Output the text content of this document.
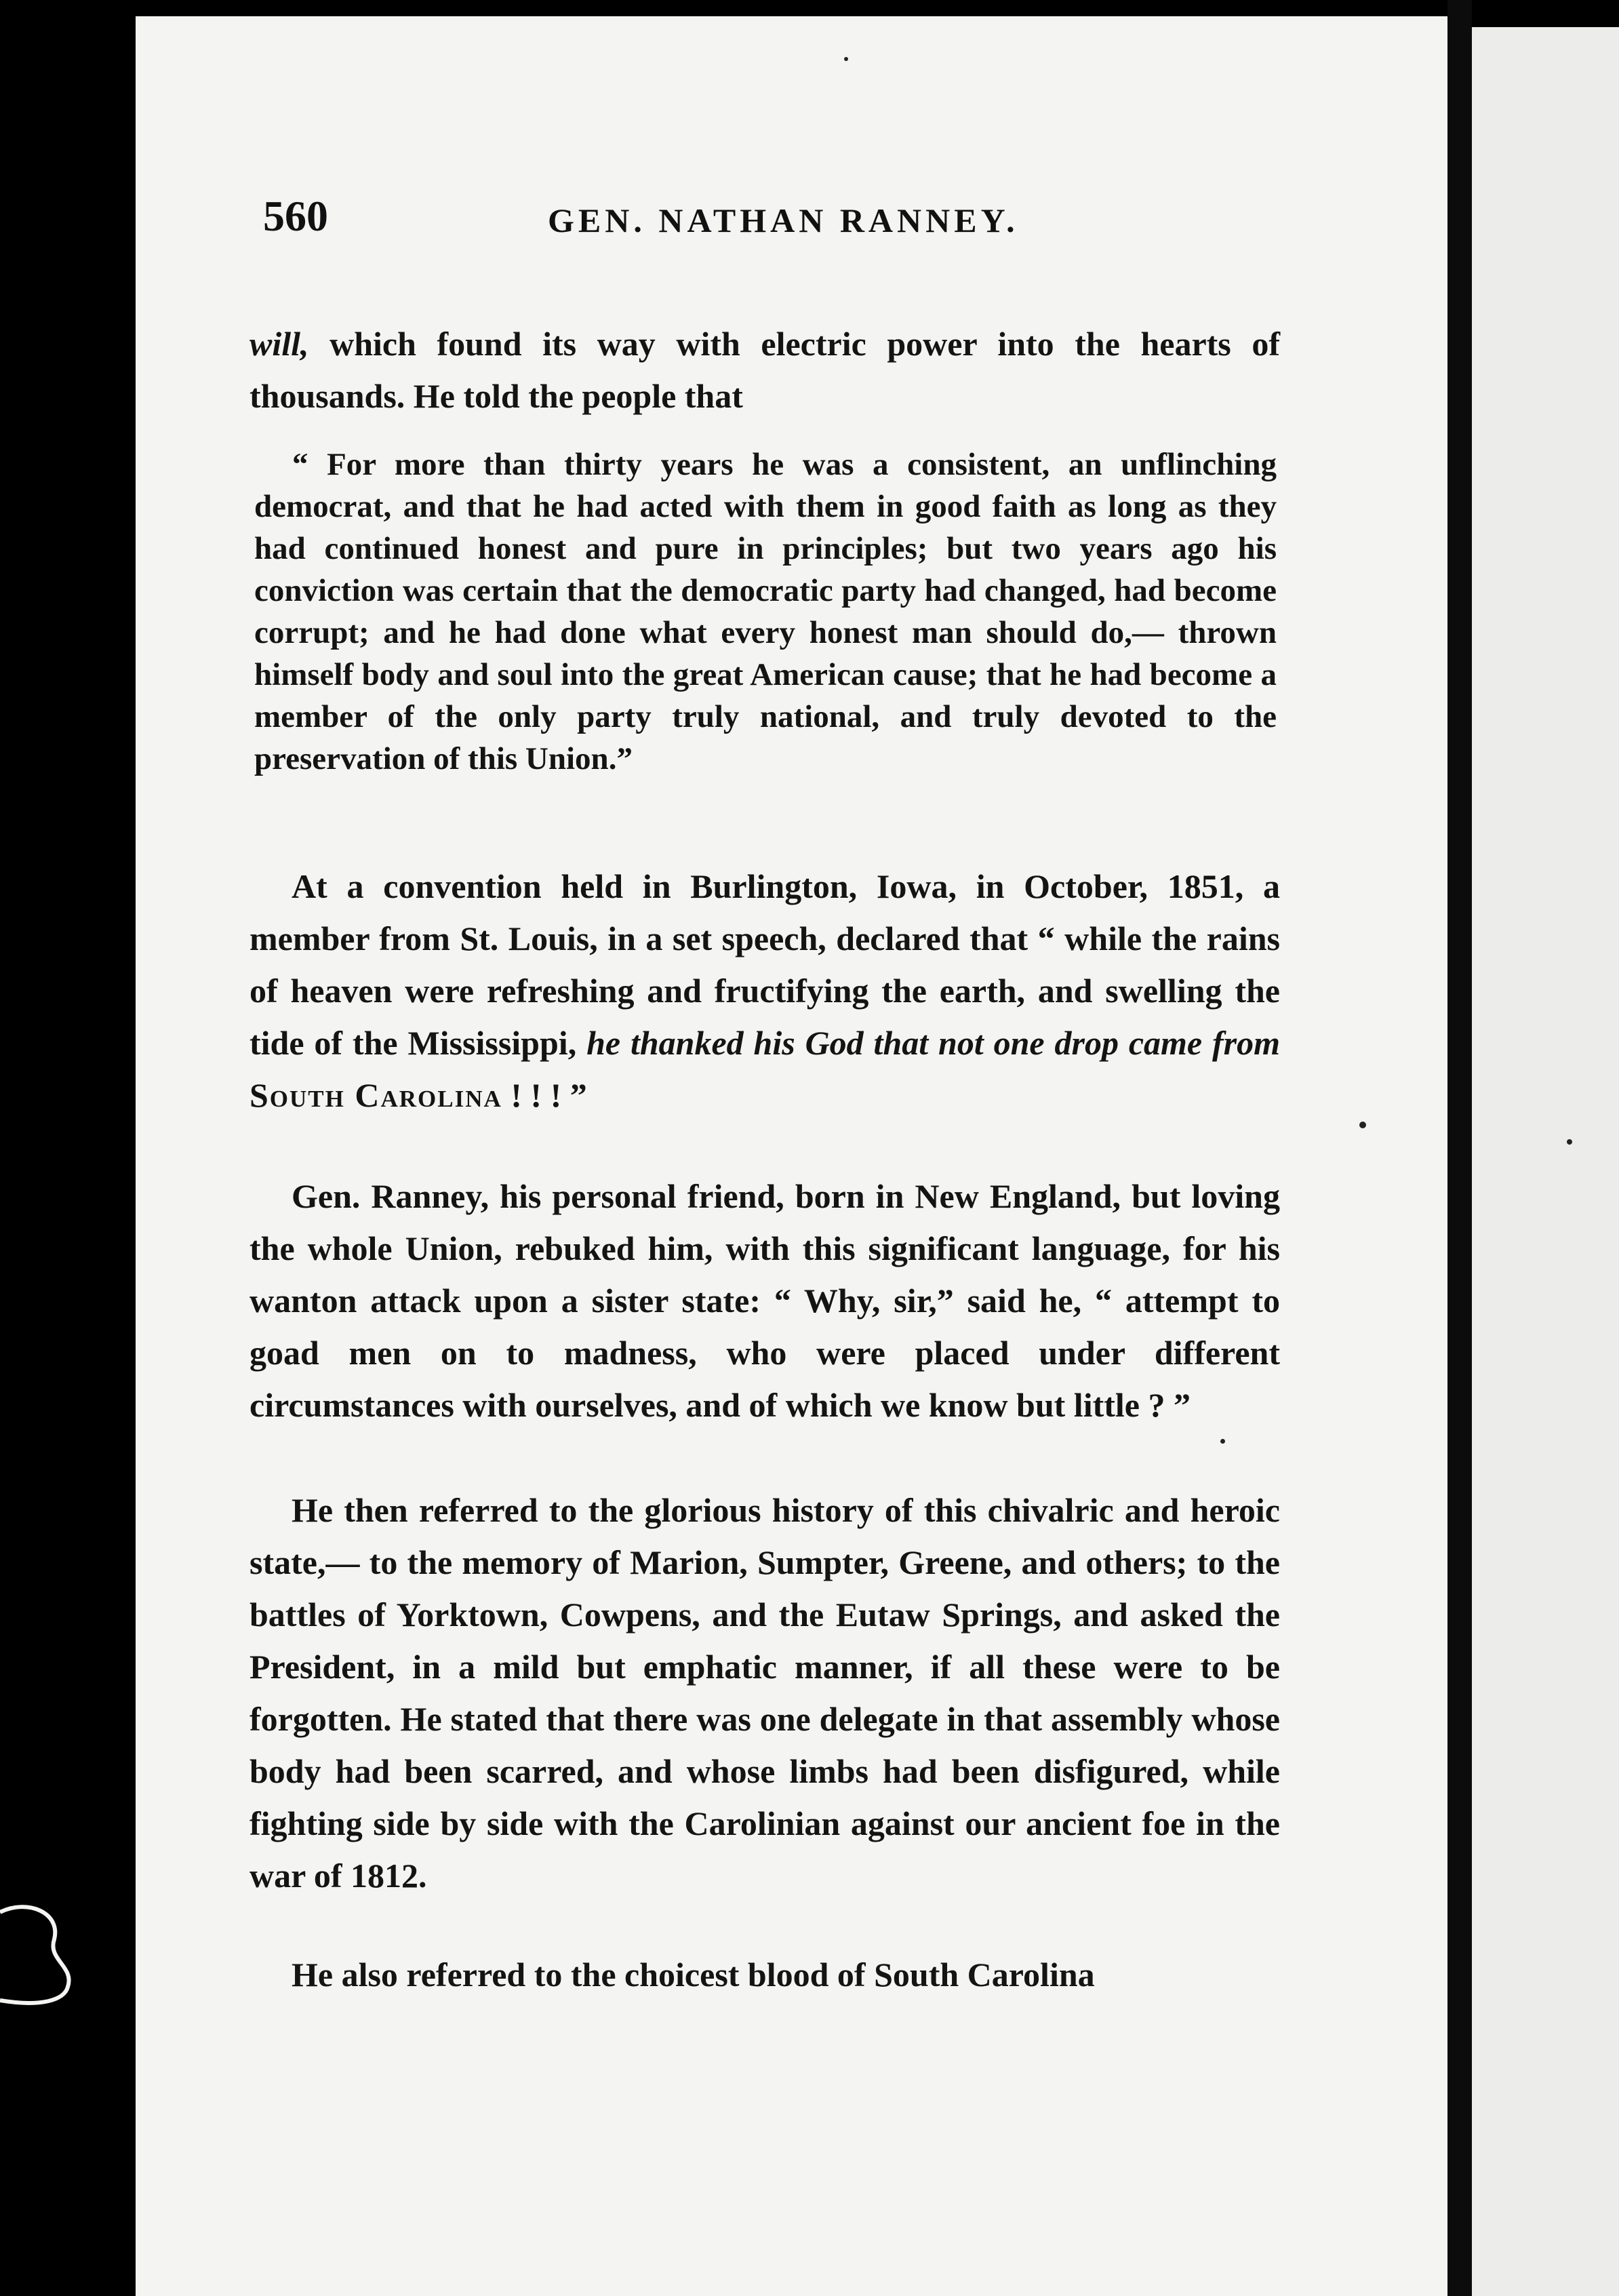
560	GEN. NATHAN RANNEY.

will, which found its way with electric power into the hearts of thousands. He told the people that

“ For more than thirty years he was a consistent, an unflinching democrat, and that he had acted with them in good faith as long as they had continued honest and pure in principles; but two years ago his conviction was certain that the democratic party had changed, had become corrupt; and he had done what every honest man should do,— thrown himself body and soul into the great American cause; that he had become a member of the only party truly national, and truly devoted to the preservation of this Union.”

At a convention held in Burlington, Iowa, in October, 1851, a member from St. Louis, in a set speech, declared that “ while the rains of heaven were refreshing and fructifying the earth, and swelling the tide of the Mississippi, he thanked his God that not one drop came from South Carolina ! ! ! ”
Gen. Ranney, his personal friend, born in New England, but loving the whole Union, rebuked him, with this significant language, for his wanton attack upon a sister state: “ Why, sir,” said he, “ attempt to goad men on to madness, who were placed under different circumstances with ourselves, and of which we know but little ? ”
He then referred to the glorious history of this chivalric and heroic state,— to the memory of Marion, Sumpter, Greene, and others; to the battles of Yorktown, Cowpens, and the Eutaw Springs, and asked the President, in a mild but emphatic manner, if all these were to be forgotten. He stated that there was one delegate in that assembly whose body had been scarred, and whose limbs had been disfigured, while fighting side by side with the Carolinian against our ancient foe in the war of 1812.
He also referred to the choicest blood of South Carolina
